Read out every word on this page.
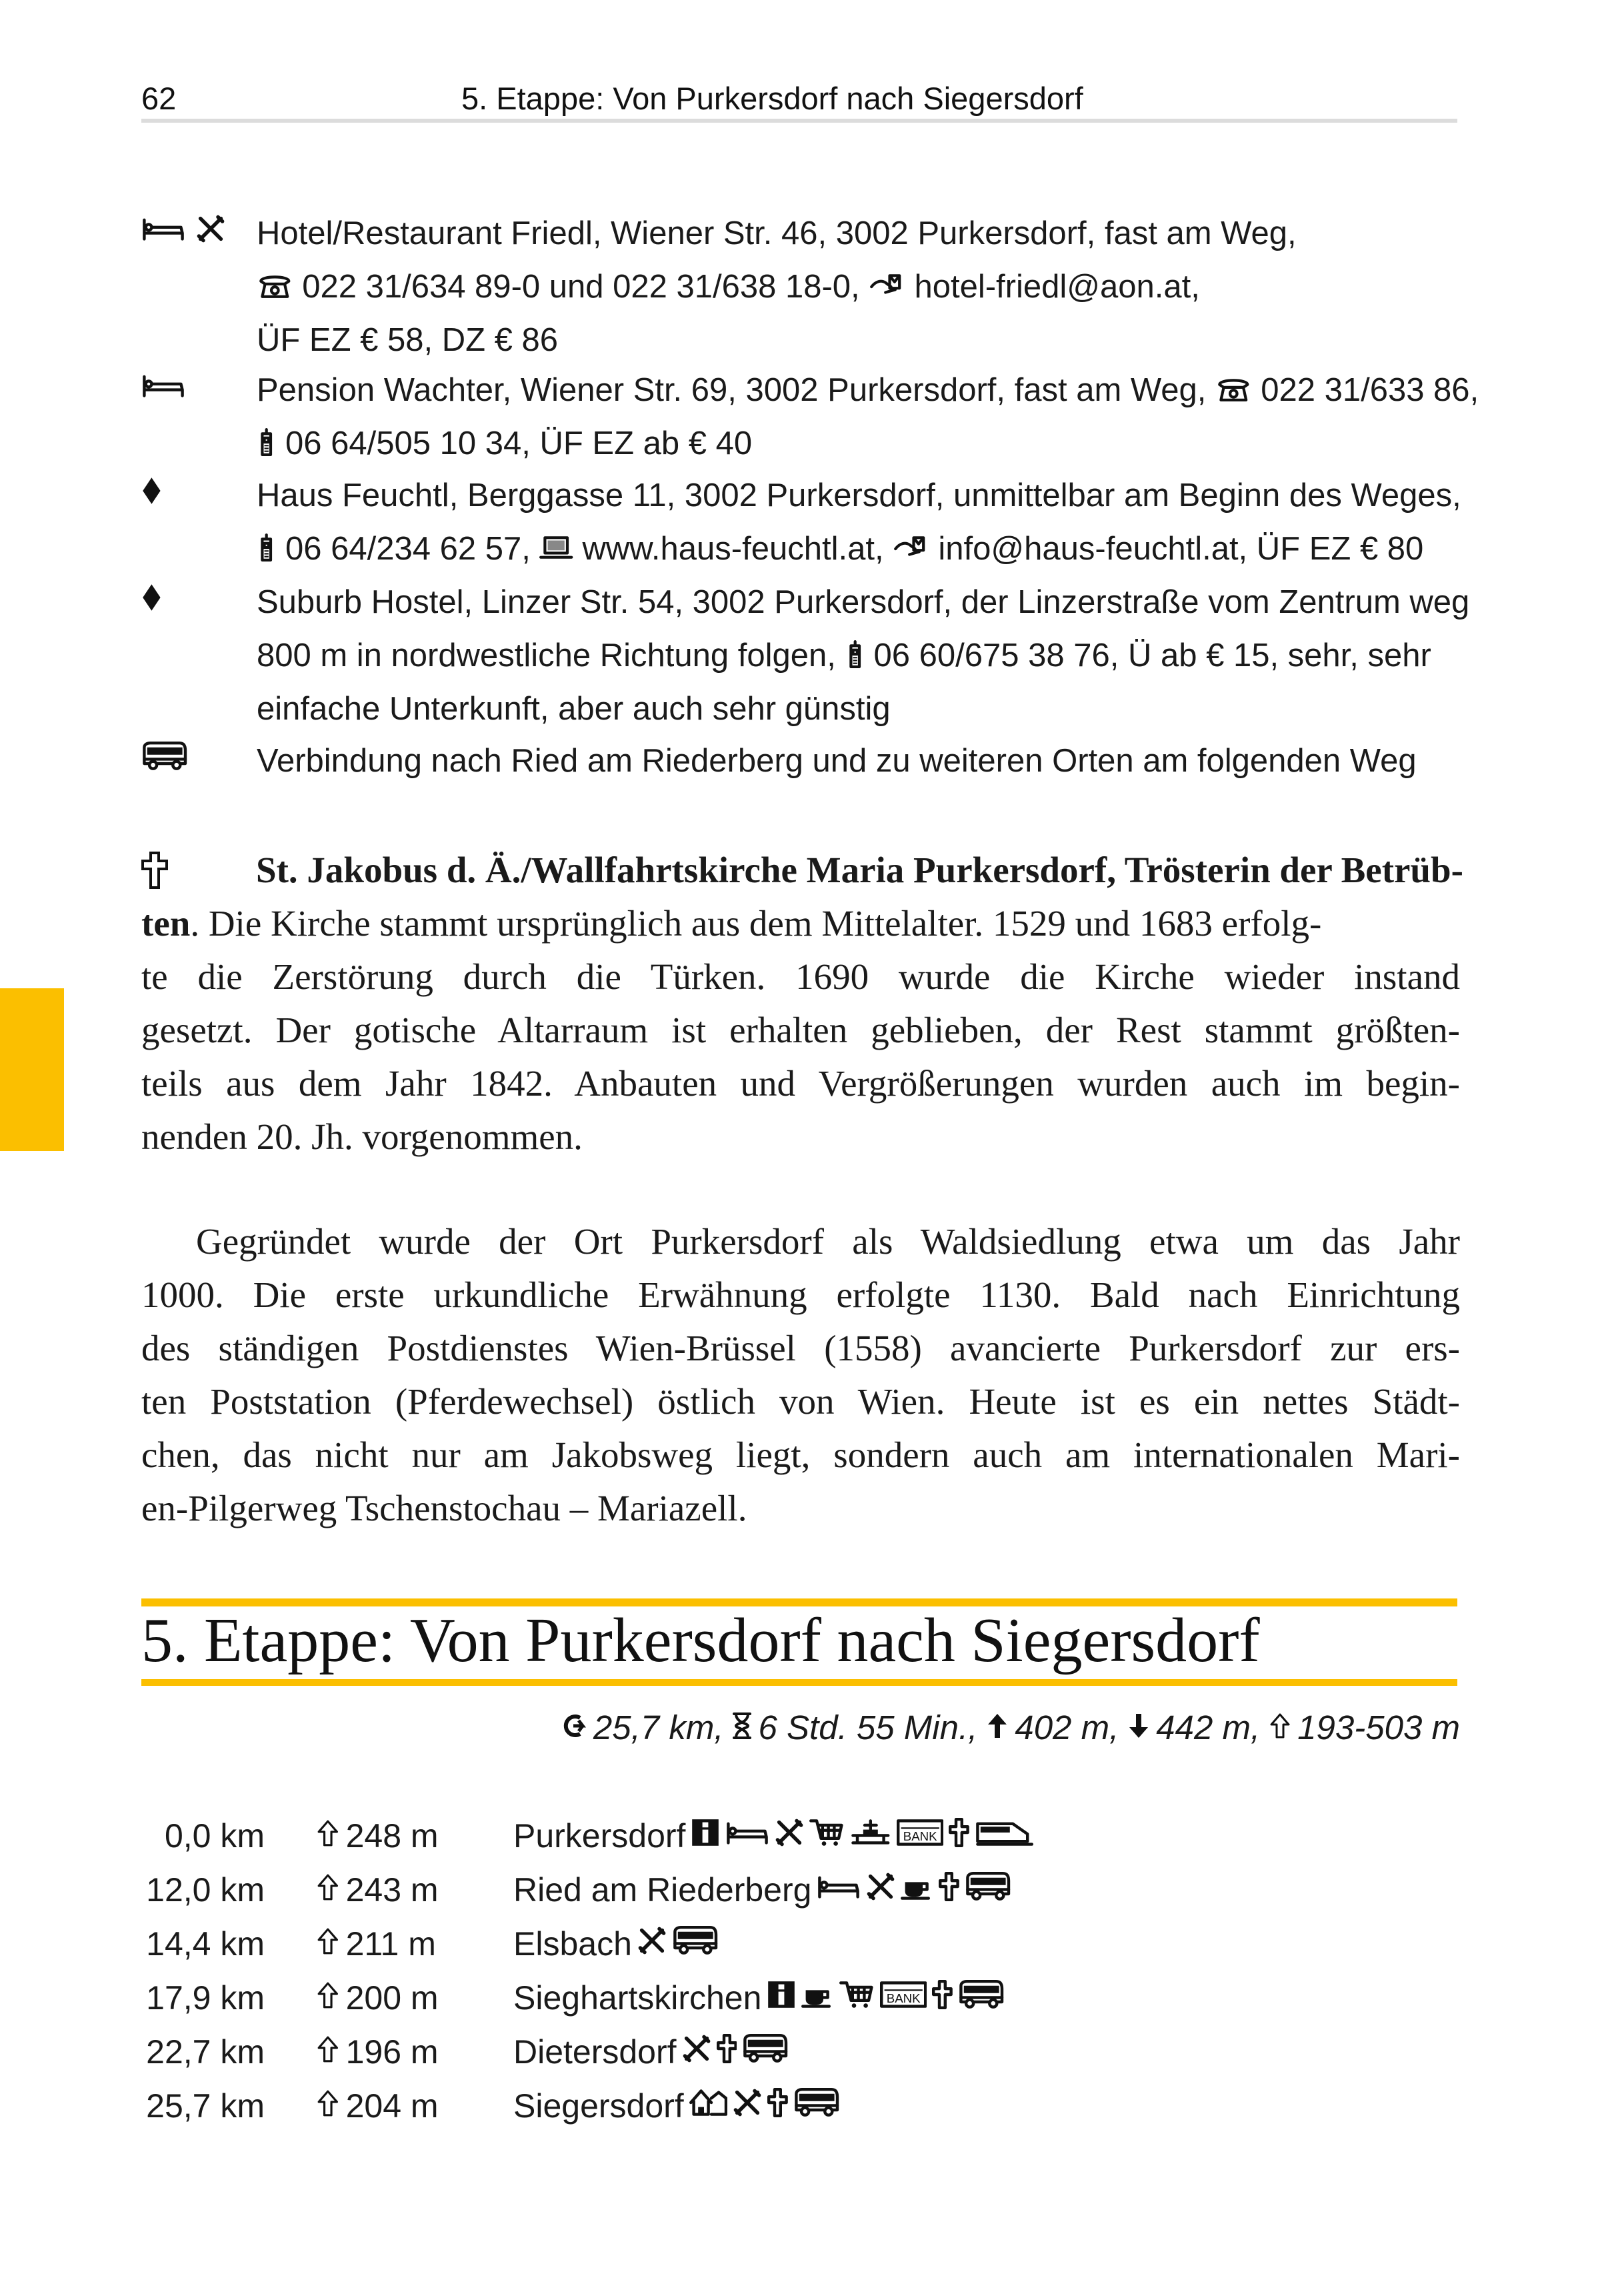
62	5. Etappe: Von Purkersdorf nach Siegersdorf
Hotel/Restaurant Friedl, Wiener Str. 46, 3002 Purkersdorf, fast am Weg,
022 31/634 89-0 und 022 31/638 18-0,  hotel-friedl@aon.at,
ÜF EZ € 58, DZ € 86
Pension Wachter, Wiener Str. 69, 3002 Purkersdorf, fast am Weg,  022 31/633 86,
06 64/505 10 34, ÜF EZ ab € 40
Haus Feuchtl, Berggasse 11, 3002 Purkersdorf, unmittelbar am Beginn des Weges,
06 64/234 62 57,  www.haus-feuchtl.at,  info@haus-feuchtl.at, ÜF EZ € 80
Suburb Hostel, Linzer Str. 54, 3002 Purkersdorf, der Linzerstraße vom Zentrum weg
800 m in nordwestliche Richtung folgen,  06 60/675 38 76, Ü ab € 15, sehr, sehr
einfache Unterkunft, aber auch sehr günstig
Verbindung nach Ried am Riederberg und zu weiteren Orten am folgenden Weg
St. Jakobus d. Ä./Wallfahrtskirche Maria Purkersdorf, Trösterin der Betrüb-
ten. Die Kirche stammt ursprünglich aus dem Mittelalter. 1529 und 1683 erfolg-
te die Zerstörung durch die Türken. 1690 wurde die Kirche wieder instand
gesetzt. Der gotische Altarraum ist erhalten geblieben, der Rest stammt größten-
teils aus dem Jahr 1842. Anbauten und Vergrößerungen wurden auch im begin-
nenden 20. Jh. vorgenommen.
Gegründet wurde der Ort Purkersdorf als Waldsiedlung etwa um das Jahr
1000. Die erste urkundliche Erwähnung erfolgte 1130. Bald nach Einrichtung
des ständigen Postdienstes Wien-Brüssel (1558) avancierte Purkersdorf zur ers-
ten Poststation (Pferdewechsel) östlich von Wien. Heute ist es ein nettes Städt-
chen, das nicht nur am Jakobsweg liegt, sondern auch am internationalen Mari-
en-Pilgerweg Tschenstochau – Mariazell.
5. Etappe: Von Purkersdorf nach Siegersdorf
25,7 km, 6 Std. 55 Min., 402 m, 442 m, 193-503 m
0,0 km 248 m Purkersdorf	BANK
12,0 km 243 m Ried am Riederberg
14,4 km 211 m Elsbach
17,9 km 200 m Sieghartskirchen	BANK
22,7 km 196 m Dietersdorf
25,7 km 204 m Siegersdorf
